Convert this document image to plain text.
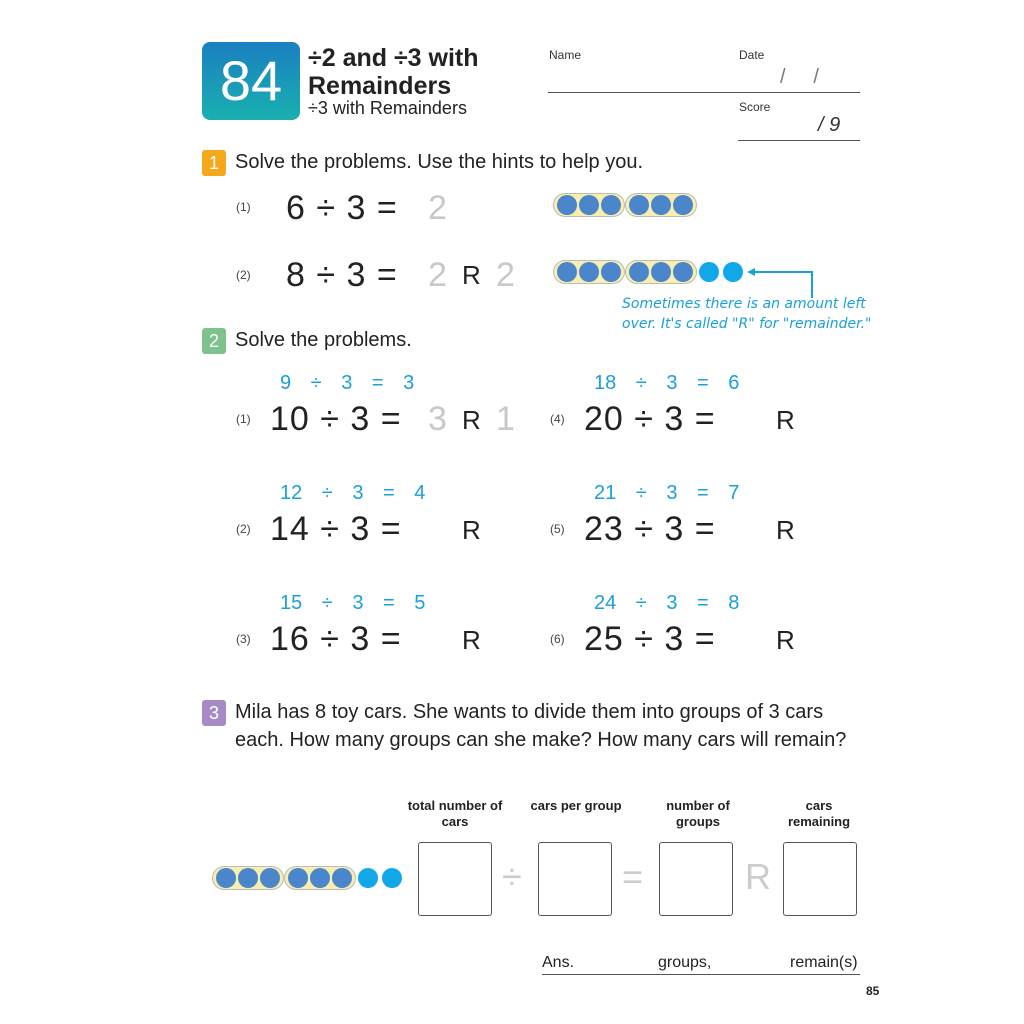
84	÷2 and ÷3 with
Remainders
÷3 with Remainders
Name	Date
/     /
Score
/ 9
1 Solve the problems. Use the hints to help you.
(1) 6 ÷ 3 = 2
(2) 8 ÷ 3 = 2 R 2
Sometimes there is an amount left
over. It's called "R" for "remainder."
2 Solve the problems.
9 ÷ 3 = 3
(1) 10 ÷ 3 = 3 R 1
12 ÷ 3 = 4
(2) 14 ÷ 3 = R
15 ÷ 3 = 5
(3) 16 ÷ 3 = R
18 ÷ 3 = 6
(4) 20 ÷ 3 = R
21 ÷ 3 = 7
(5) 23 ÷ 3 = R
24 ÷ 3 = 8
(6) 25 ÷ 3 = R
3 Mila has 8 toy cars. She wants to divide them into groups of 3 cars
each. How many groups can she make? How many cars will remain?
total number of cars
cars per group	number of groups
cars remaining
÷	=	R
Ans.	groups,	remain(s)
85
